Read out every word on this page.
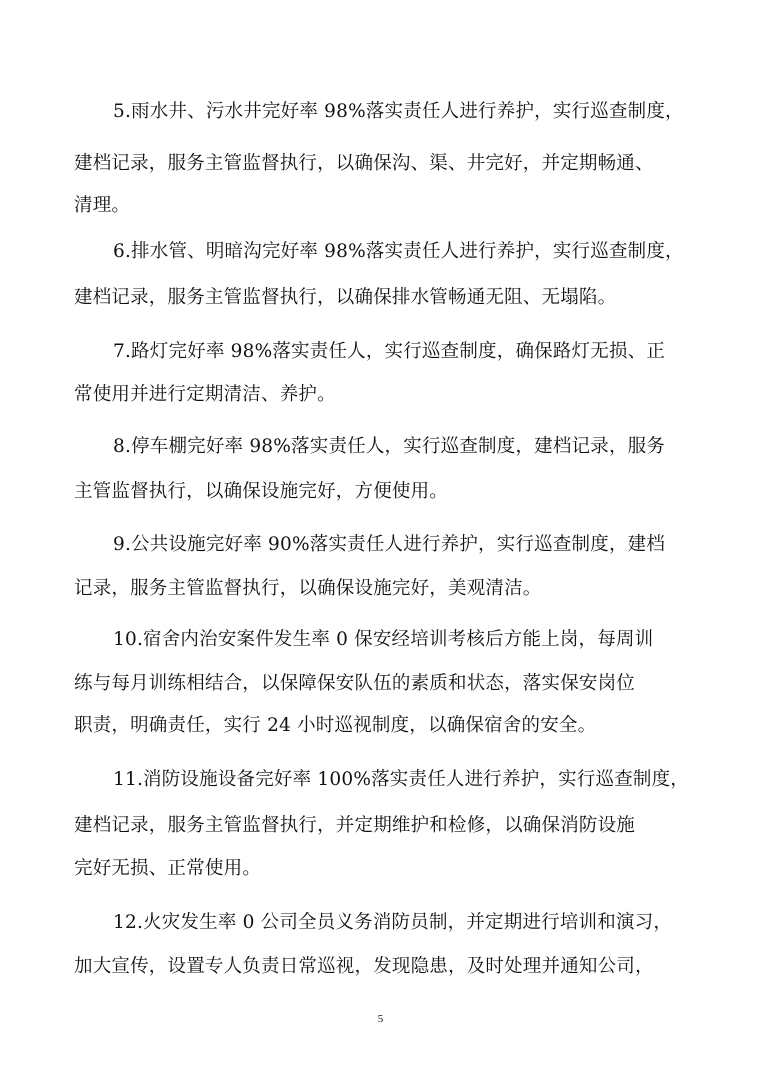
5.雨水井、污水井完好率 98%落实责任人进行养护，实行巡查制度，
建档记录，服务主管监督执行，以确保沟、渠、井完好，并定期畅通、
清理。
6.排水管、明暗沟完好率 98%落实责任人进行养护，实行巡查制度，
建档记录，服务主管监督执行，以确保排水管畅通无阻、无塌陷。
7.路灯完好率 98%落实责任人，实行巡查制度，确保路灯无损、正
常使用并进行定期清洁、养护。
8.停车棚完好率 98%落实责任人，实行巡查制度，建档记录，服务
主管监督执行，以确保设施完好，方便使用。
9.公共设施完好率 90%落实责任人进行养护，实行巡查制度，建档
记录，服务主管监督执行，以确保设施完好，美观清洁。
10.宿舍内治安案件发生率 0 保安经培训考核后方能上岗，每周训
练与每月训练相结合，以保障保安队伍的素质和状态，落实保安岗位
职责，明确责任，实行 24 小时巡视制度，以确保宿舍的安全。
11.消防设施设备完好率 100%落实责任人进行养护，实行巡查制度，
建档记录，服务主管监督执行，并定期维护和检修，以确保消防设施
完好无损、正常使用。
12.火灾发生率 0 公司全员义务消防员制，并定期进行培训和演习，
加大宣传，设置专人负责日常巡视，发现隐患，及时处理并通知公司，
5
